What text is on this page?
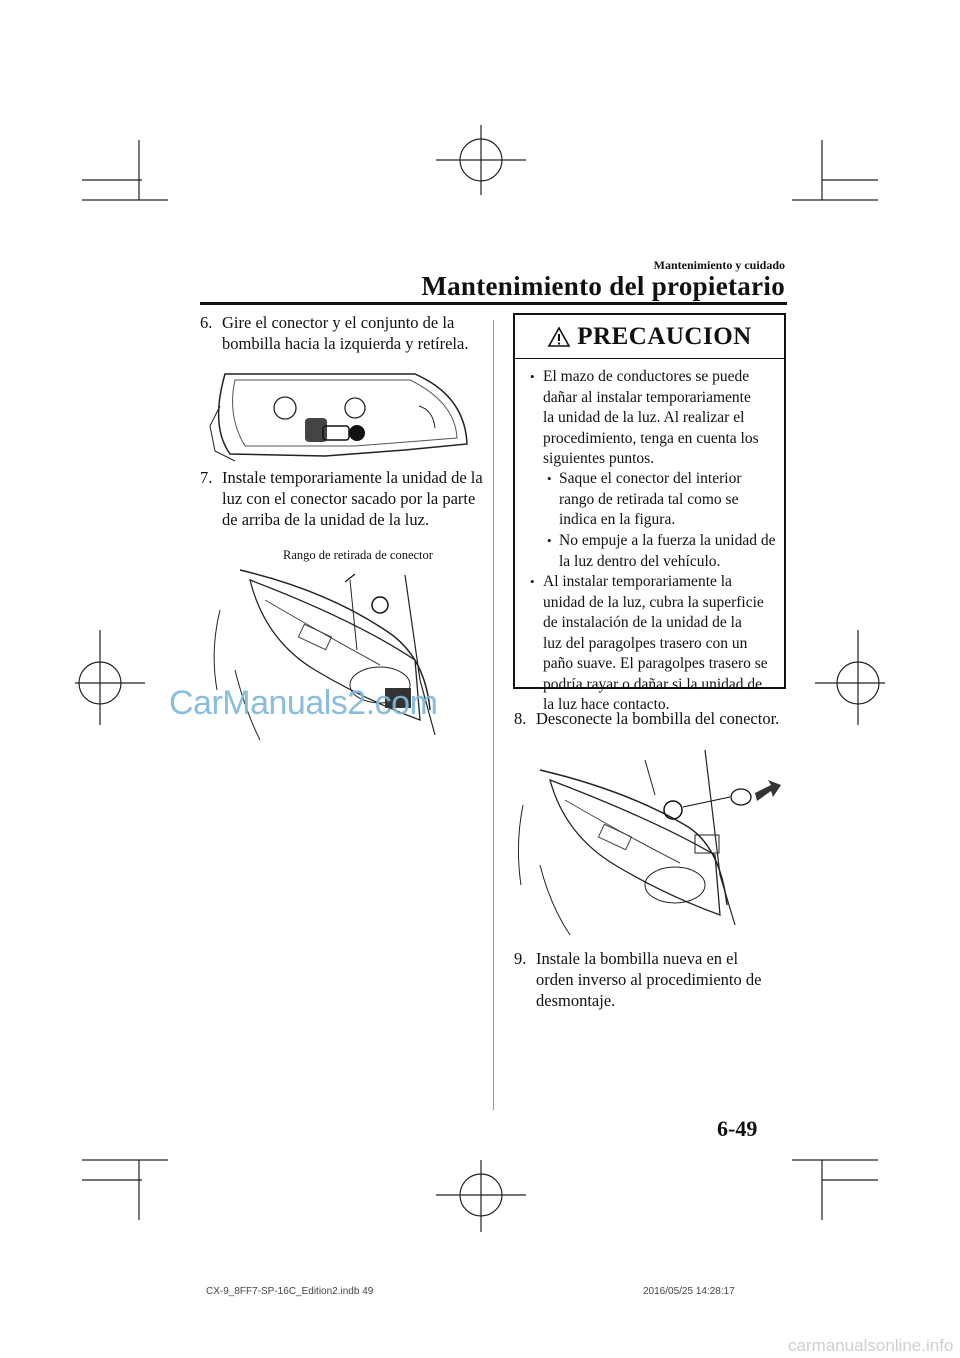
Mantenimiento y cuidado
Mantenimiento del propietario
6. Gire el conector y el conjunto de la
bombilla hacia la izquierda y retírela.
7. Instale temporariamente la unidad de la
luz con el conector sacado por la parte
de arriba de la unidad de la luz.
Rango de retirada de conector
CarManuals2.com
PRECAUCION
• El mazo de conductores se puede
dañar al instalar temporariamente
la unidad de la luz. Al realizar el
procedimiento, tenga en cuenta los
siguientes puntos.
• Saque el conector del interior
rango de retirada tal como se
indica en la figura.
• No empuje a la fuerza la unidad de
la luz dentro del vehículo.
• Al instalar temporariamente la
unidad de la luz, cubra la superficie
de instalación de la unidad de la
luz del paragolpes trasero con un
paño suave. El paragolpes trasero se
podría rayar o dañar si la unidad de
la luz hace contacto.
8. Desconecte la bombilla del conector.
9. Instale la bombilla nueva en el
orden inverso al procedimiento de
desmontaje.
6-49
CX-9_8FF7-SP-16C_Edition2.indb 49	2016/05/25 14:28:17
carmanualsonline.info
